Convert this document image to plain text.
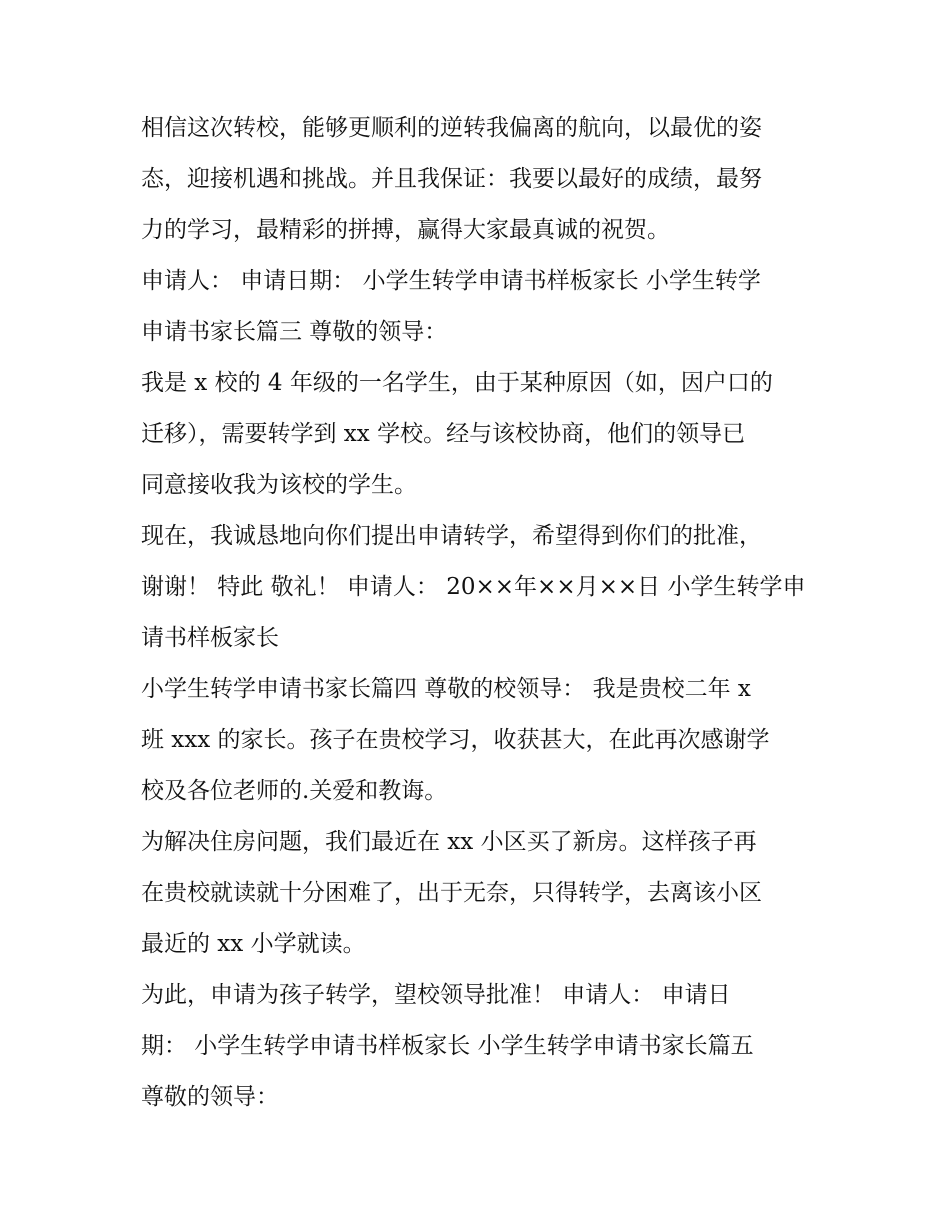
相信这次转校，能够更顺利的逆转我偏离的航向，以最优的姿
态，迎接机遇和挑战。并且我保证：我要以最好的成绩，最努
力的学习，最精彩的拼搏，赢得大家最真诚的祝贺。

申请人： 申请日期： 小学生转学申请书样板家长 小学生转学
申请书家长篇三 尊敬的领导：

我是 x 校的 4 年级的一名学生，由于某种原因（如，因户口的
迁移），需要转学到 xx 学校。经与该校协商，他们的领导已
同意接收我为该校的学生。

现在，我诚恳地向你们提出申请转学，希望得到你们的批准，
谢谢！ 特此 敬礼！ 申请人： 20××年××月××日 小学生转学申
请书样板家长

小学生转学申请书家长篇四 尊敬的校领导： 我是贵校二年 x
班 xxx 的家长。孩子在贵校学习，收获甚大，在此再次感谢学
校及各位老师的.关爱和教诲。

为解决住房问题，我们最近在 xx 小区买了新房。这样孩子再
在贵校就读就十分困难了，出于无奈，只得转学，去离该小区
最近的 xx 小学就读。

为此，申请为孩子转学，望校领导批准！ 申请人： 申请日
期： 小学生转学申请书样板家长 小学生转学申请书家长篇五
尊敬的领导：
